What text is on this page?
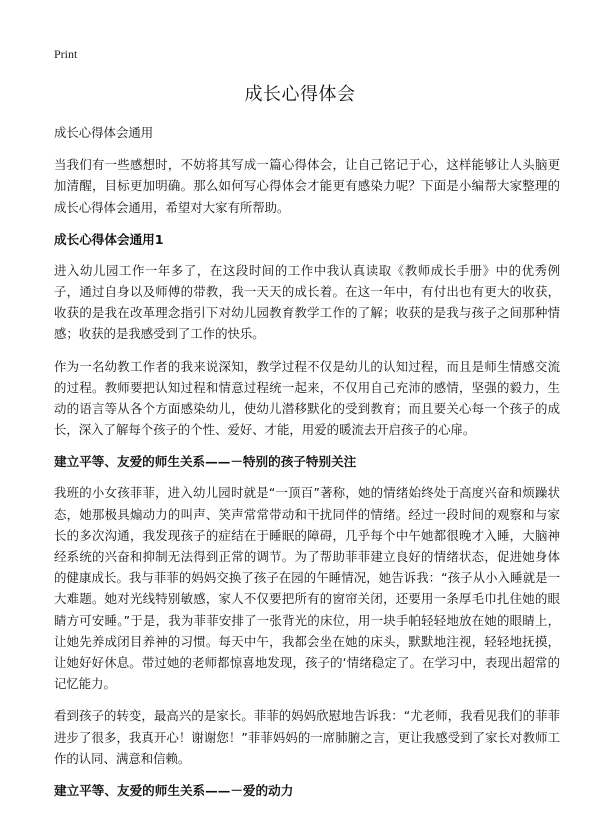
Print
成长心得体会

成长心得体会通用

当我们有一些感想时，不妨将其写成一篇心得体会，让自己铭记于心，这样能够让人头脑更加清醒，目标更加明确。那么如何写心得体会才能更有感染力呢？下面是小编帮大家整理的成长心得体会通用，希望对大家有所帮助。

成长心得体会通用1

进入幼儿园工作一年多了，在这段时间的工作中我认真读取《教师成长手册》中的优秀例子，通过自身以及师傅的带教，我一天天的成长着。在这一年中，有付出也有更大的收获，收获的是我在改革理念指引下对幼儿园教育教学工作的了解；收获的是我与孩子之间那种情感；收获的是我感受到了工作的快乐。

作为一名幼教工作者的我来说深知，教学过程不仅是幼儿的认知过程，而且是师生情感交流的过程。教师要把认知过程和情意过程统一起来，不仅用自己充沛的感情，坚强的毅力，生动的语言等从各个方面感染幼儿，使幼儿潜移默化的受到教育；而且要关心每一个孩子的成长，深入了解每个孩子的个性、爱好、才能，用爱的暖流去开启孩子的心扉。

建立平等、友爱的师生关系——－特别的孩子特别关注

我班的小女孩菲菲，进入幼儿园时就是“一顶百”著称，她的情绪始终处于高度兴奋和烦躁状态，她那极具煽动力的叫声、笑声常常带动和干扰同伴的情绪。经过一段时间的观察和与家长的多次沟通，我发现孩子的症结在于睡眠的障碍，几乎每个中午她都很晚才入睡，大脑神经系统的兴奋和抑制无法得到正常的调节。为了帮助菲菲建立良好的情绪状态，促进她身体的健康成长。我与菲菲的妈妈交换了孩子在园的午睡情况，她告诉我：“孩子从小入睡就是一大难题。她对光线特别敏感，家人不仅要把所有的窗帘关闭，还要用一条厚毛巾扎住她的眼睛方可安睡。”于是，我为菲菲安排了一张背光的床位，用一块手帕轻轻地放在她的眼睛上，让她先养成闭目养神的习惯。每天中午，我都会坐在她的床头，默默地注视，轻轻地抚摸，让她好好休息。带过她的老师都惊喜地发现，孩子的‘情绪稳定了。在学习中，表现出超常的记忆能力。

看到孩子的转变，最高兴的是家长。菲菲的妈妈欣慰地告诉我：“尤老师，我看见我们的菲菲进步了很多，我真开心！谢谢您！”菲菲妈妈的一席肺腑之言，更让我感受到了家长对教师工作的认同、满意和信赖。

建立平等、友爱的师生关系——－爱的动力
